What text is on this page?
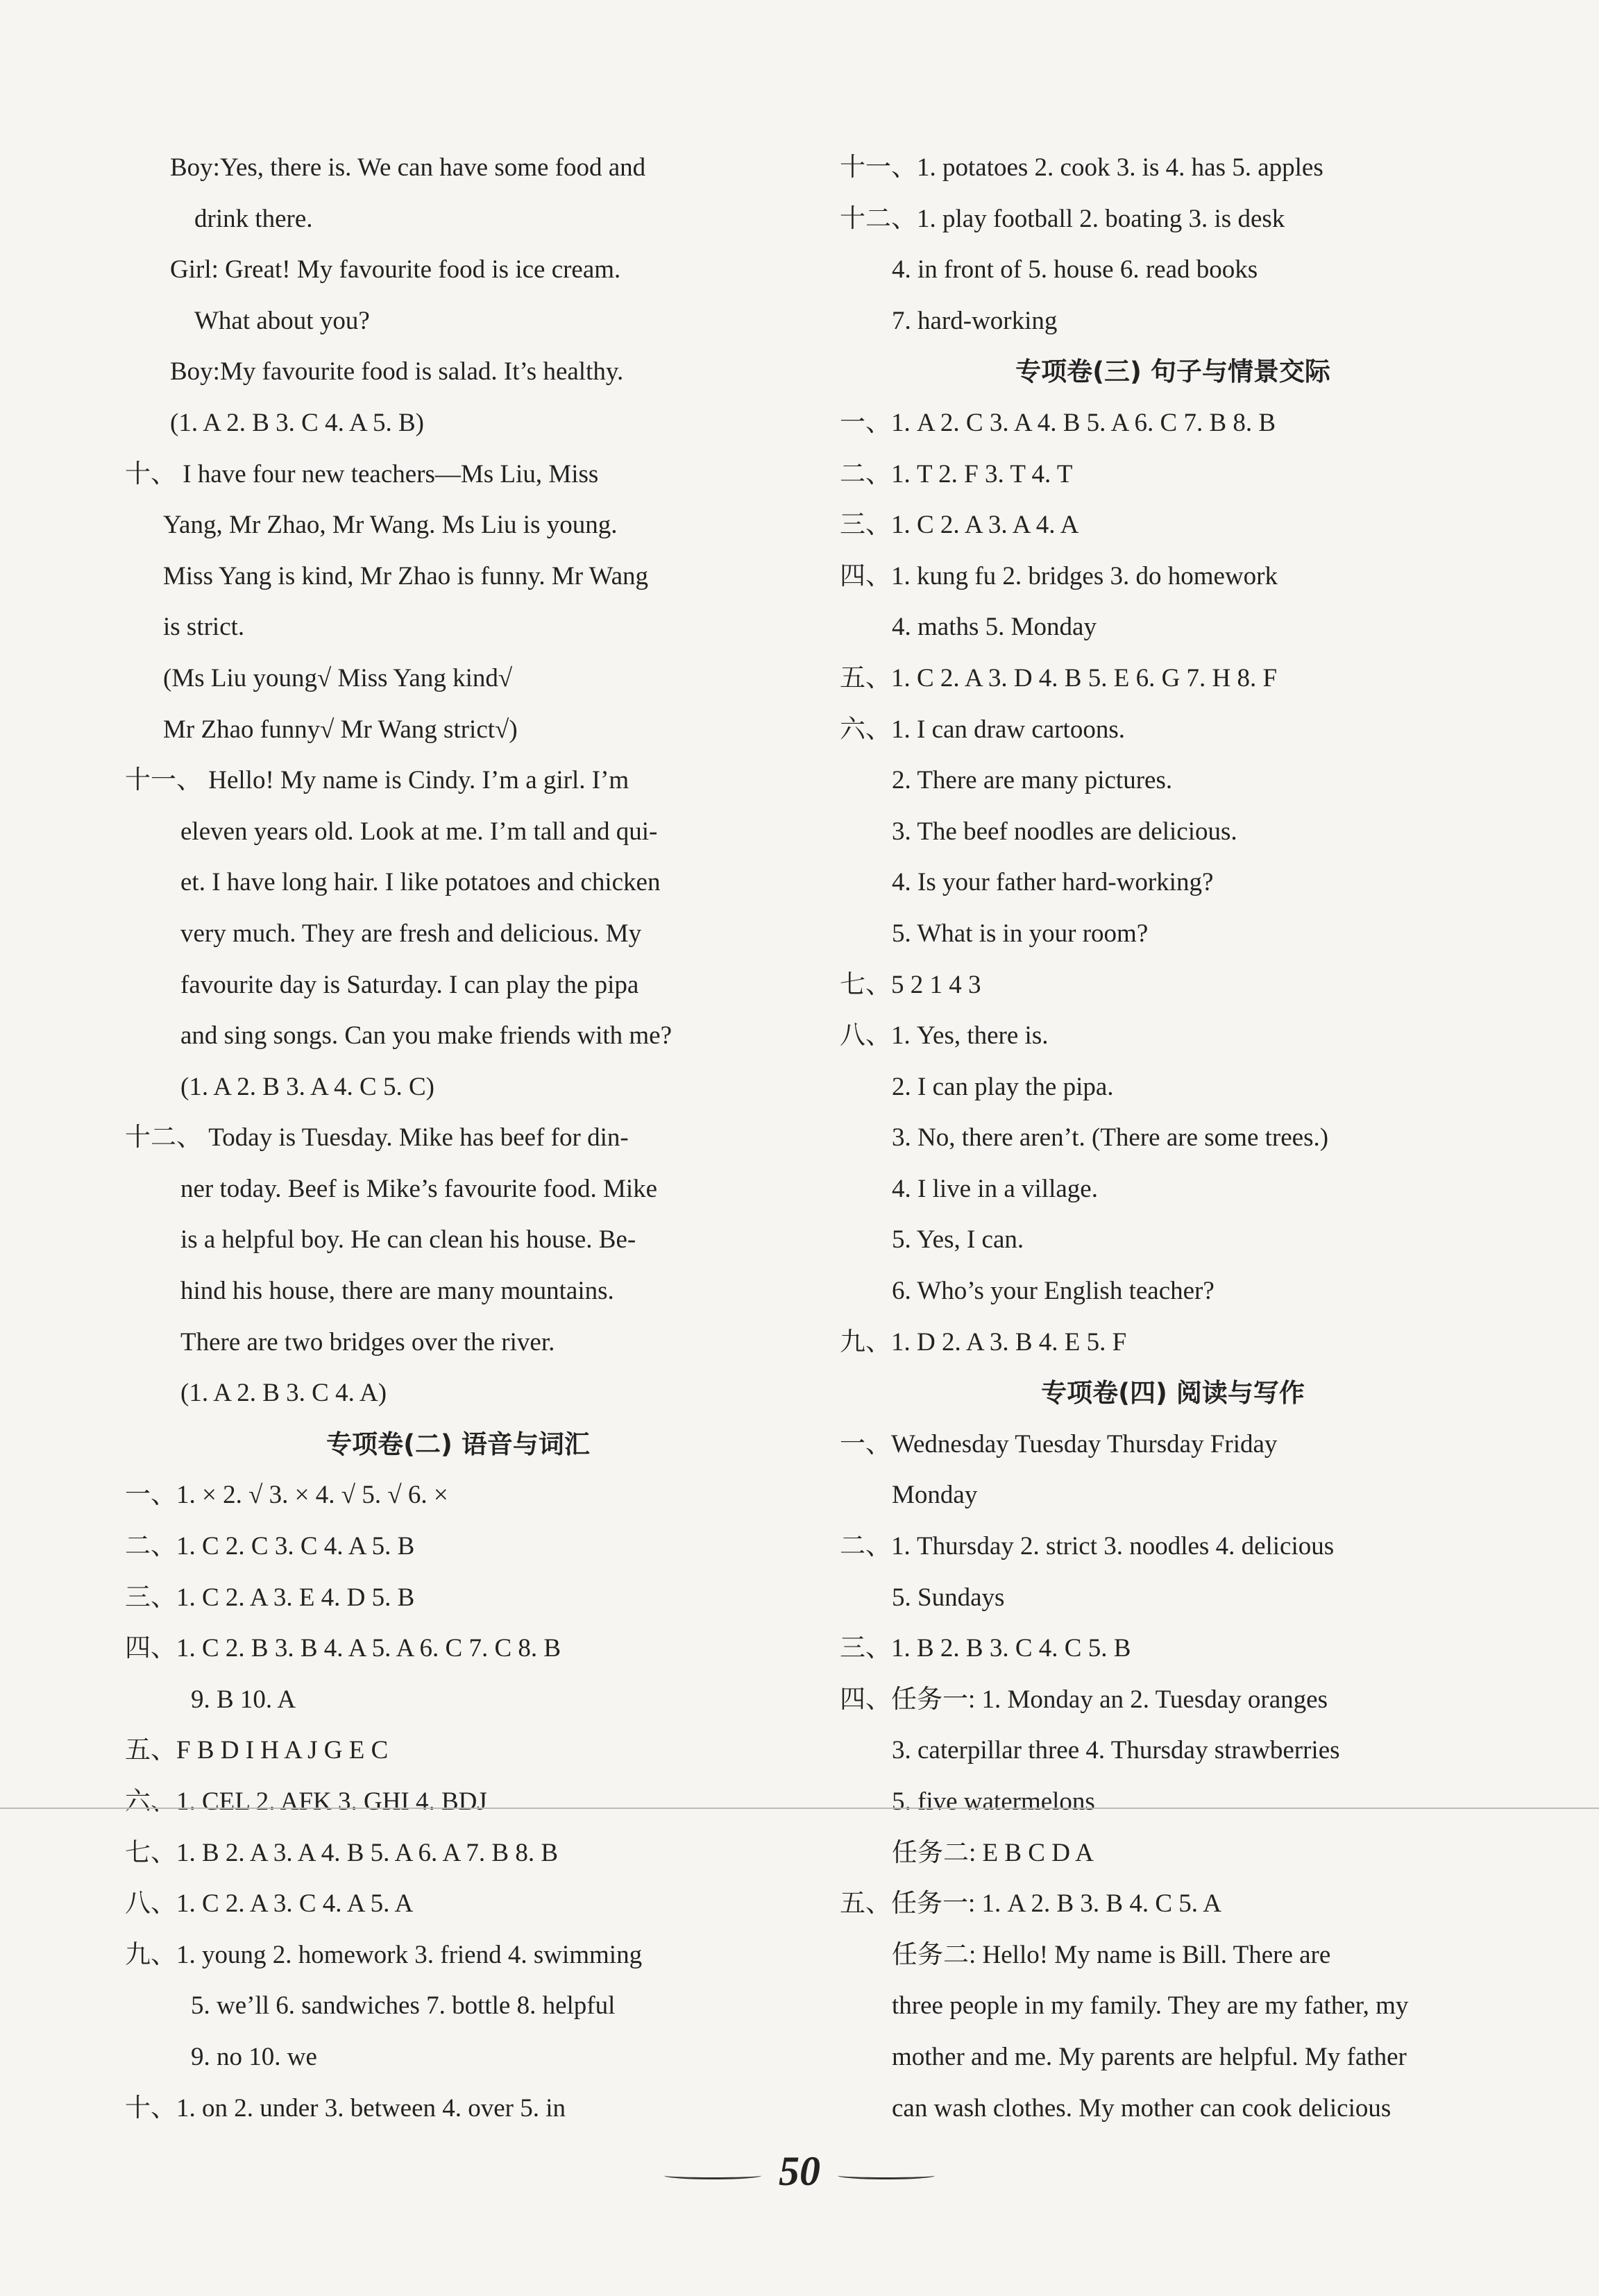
Boy:Yes, there is. We can have some food and
drink there.
Girl: Great! My favourite food is ice cream.
What about you?
Boy:My favourite food is salad. It’s healthy.
(1. A 2. B 3. C 4. A 5. B)
十、 I have four new teachers—Ms Liu, Miss
Yang, Mr Zhao, Mr Wang. Ms Liu is young.
Miss Yang is kind, Mr Zhao is funny. Mr Wang
is strict.
(Ms Liu young√ Miss Yang kind√
Mr Zhao funny√ Mr Wang strict√)
十一、 Hello! My name is Cindy. I’m a girl. I’m
eleven years old. Look at me. I’m tall and qui-
et. I have long hair. I like potatoes and chicken
very much. They are fresh and delicious. My
favourite day is Saturday. I can play the pipa
and sing songs. Can you make friends with me?
(1. A 2. B 3. A 4. C 5. C)
十二、 Today is Tuesday. Mike has beef for din-
ner today. Beef is Mike’s favourite food. Mike
is a helpful boy. He can clean his house. Be-
hind his house, there are many mountains.
There are two bridges over the river.
(1. A 2. B 3. C 4. A)
专项卷(二) 语音与词汇
一、1. × 2. √ 3. × 4. √ 5. √ 6. ×
二、1. C 2. C 3. C 4. A 5. B
三、1. C 2. A 3. E 4. D 5. B
四、1. C 2. B 3. B 4. A 5. A 6. C 7. C 8. B
9. B 10. A
五、F B D I H A J G E C
六、1. CEL 2. AFK 3. GHI 4. BDJ
七、1. B 2. A 3. A 4. B 5. A 6. A 7. B 8. B
八、1. C 2. A 3. C 4. A 5. A
九、1. young 2. homework 3. friend 4. swimming
5. we’ll 6. sandwiches 7. bottle 8. helpful
9. no 10. we
十、1. on 2. under 3. between 4. over 5. in
十一、1. potatoes 2. cook 3. is 4. has 5. apples
十二、1. play football 2. boating 3. is desk
4. in front of 5. house 6. read books
7. hard-working
专项卷(三) 句子与情景交际
一、1. A 2. C 3. A 4. B 5. A 6. C 7. B 8. B
二、1. T 2. F 3. T 4. T
三、1. C 2. A 3. A 4. A
四、1. kung fu 2. bridges 3. do homework
4. maths 5. Monday
五、1. C 2. A 3. D 4. B 5. E 6. G 7. H 8. F
六、1. I can draw cartoons.
2. There are many pictures.
3. The beef noodles are delicious.
4. Is your father hard-working?
5. What is in your room?
七、5 2 1 4 3
八、1. Yes, there is.
2. I can play the pipa.
3. No, there aren’t. (There are some trees.)
4. I live in a village.
5. Yes, I can.
6. Who’s your English teacher?
九、1. D 2. A 3. B 4. E 5. F
专项卷(四) 阅读与写作
一、Wednesday Tuesday Thursday Friday
Monday
二、1. Thursday 2. strict 3. noodles 4. delicious
5. Sundays
三、1. B 2. B 3. C 4. C 5. B
四、任务一: 1. Monday an 2. Tuesday oranges
3. caterpillar three 4. Thursday strawberries
5. five watermelons
任务二: E B C D A
五、任务一: 1. A 2. B 3. B 4. C 5. A
任务二: Hello! My name is Bill. There are
three people in my family. They are my father, my
mother and me. My parents are helpful. My father
can wash clothes. My mother can cook delicious
50
